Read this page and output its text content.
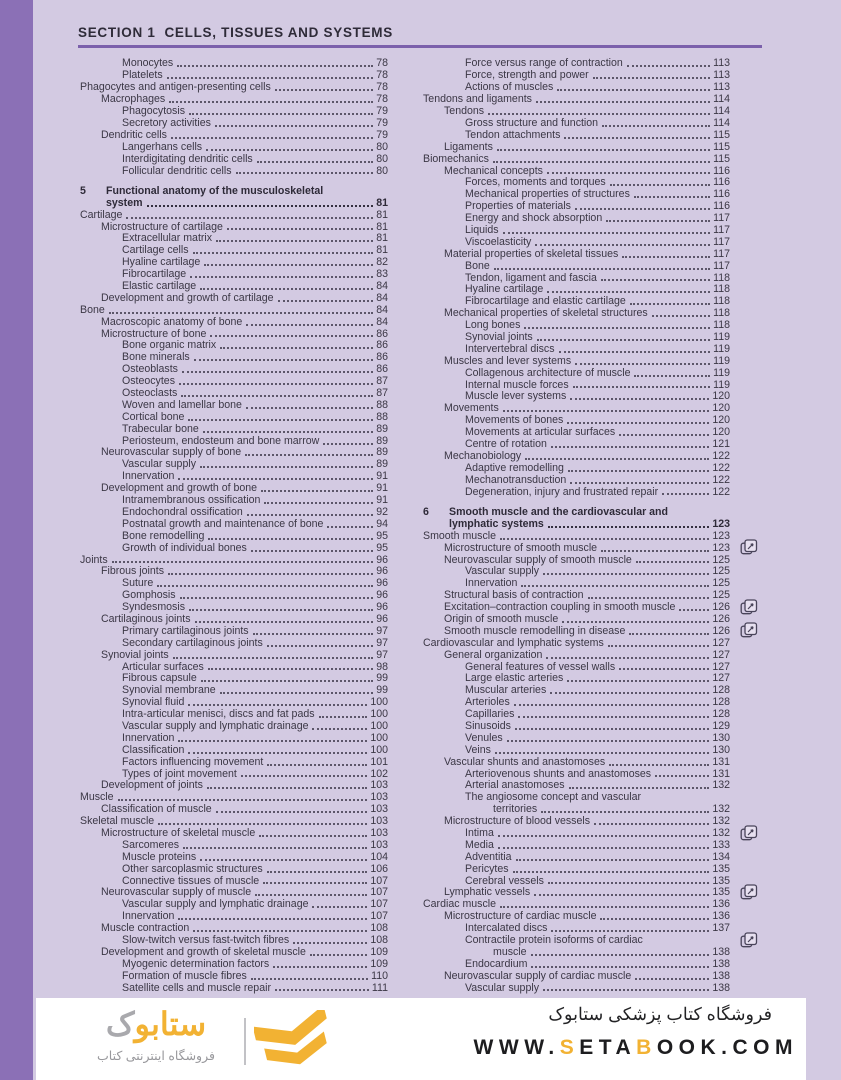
SECTION 1  CELLS, TISSUES AND SYSTEMS
Monocytes	78
Platelets	78
Phagocytes and antigen-presenting cells	78
Macrophages	78
Phagocytosis	79
Secretory activities	79
Dendritic cells	79
Langerhans cells	80
Interdigitating dendritic cells	80
Follicular dendritic cells	80
5	Functional anatomy of the musculoskeletal
system	81
Cartilage	81
Microstructure of cartilage	81
Extracellular matrix	81
Cartilage cells	81
Hyaline cartilage	82
Fibrocartilage	83
Elastic cartilage	84
Development and growth of cartilage	84
Bone	84
Macroscopic anatomy of bone	84
Microstructure of bone	86
Bone organic matrix	86
Bone minerals	86
Osteoblasts	86
Osteocytes	87
Osteoclasts	87
Woven and lamellar bone	88
Cortical bone	88
Trabecular bone	89
Periosteum, endosteum and bone marrow	89
Neurovascular supply of bone	89
Vascular supply	89
Innervation	91
Development and growth of bone	91
Intramembranous ossification	91
Endochondral ossification	92
Postnatal growth and maintenance of bone	94
Bone remodelling	95
Growth of individual bones	95
Joints	96
Fibrous joints	96
Suture	96
Gomphosis	96
Syndesmosis	96
Cartilaginous joints	96
Primary cartilaginous joints	97
Secondary cartilaginous joints	97
Synovial joints	97
Articular surfaces	98
Fibrous capsule	99
Synovial membrane	99
Synovial fluid	100
Intra-articular menisci, discs and fat pads	100
Vascular supply and lymphatic drainage	100
Innervation	100
Classification	100
Factors influencing movement	101
Types of joint movement	102
Development of joints	103
Muscle	103
Classification of muscle	103
Skeletal muscle	103
Microstructure of skeletal muscle	103
Sarcomeres	103
Muscle proteins	104
Other sarcoplasmic structures	106
Connective tissues of muscle	107
Neurovascular supply of muscle	107
Vascular supply and lymphatic drainage	107
Innervation	107
Muscle contraction	108
Slow-twitch versus fast-twitch fibres	108
Development and growth of skeletal muscle	109
Myogenic determination factors	109
Formation of muscle fibres	110
Satellite cells and muscle repair	111
Force versus range of contraction	113
Force, strength and power	113
Actions of muscles	113
Tendons and ligaments	114
Tendons	114
Gross structure and function	114
Tendon attachments	115
Ligaments	115
Biomechanics	115
Mechanical concepts	116
Forces, moments and torques	116
Mechanical properties of structures	116
Properties of materials	116
Energy and shock absorption	117
Liquids	117
Viscoelasticity	117
Material properties of skeletal tissues	117
Bone	117
Tendon, ligament and fascia	118
Hyaline cartilage	118
Fibrocartilage and elastic cartilage	118
Mechanical properties of skeletal structures	118
Long bones	118
Synovial joints	119
Intervertebral discs	119
Muscles and lever systems	119
Collagenous architecture of muscle	119
Internal muscle forces	119
Muscle lever systems	120
Movements	120
Movements of bones	120
Movements at articular surfaces	120
Centre of rotation	121
Mechanobiology	122
Adaptive remodelling	122
Mechanotransduction	122
Degeneration, injury and frustrated repair	122
6	Smooth muscle and the cardiovascular and
lymphatic systems	123
Smooth muscle	123
Microstructure of smooth muscle	123
Neurovascular supply of smooth muscle	125
Vascular supply	125
Innervation	125
Structural basis of contraction	125
Excitation–contraction coupling in smooth muscle	126
Origin of smooth muscle	126
Smooth muscle remodelling in disease	126
Cardiovascular and lymphatic systems	127
General organization	127
General features of vessel walls	127
Large elastic arteries	127
Muscular arteries	128
Arterioles	128
Capillaries	128
Sinusoids	129
Venules	130
Veins	130
Vascular shunts and anastomoses	131
Arteriovenous shunts and anastomoses	131
Arterial anastomoses	132
The angiosome concept and vascular
territories	132
Microstructure of blood vessels	132
Intima	132
Media	133
Adventitia	134
Pericytes	135
Cerebral vessels	135
Lymphatic vessels	135
Cardiac muscle	136
Microstructure of cardiac muscle	136
Intercalated discs	137
Contractile protein isoforms of cardiac
muscle	138
Endocardium	138
Neurovascular supply of cardiac muscle	138
Vascular supply	138
ستابوک
فروشگاه اینترنتی کتاب
فروشگاه کتاب پزشکی ستابوک
WWW.SETABOOK.COM
